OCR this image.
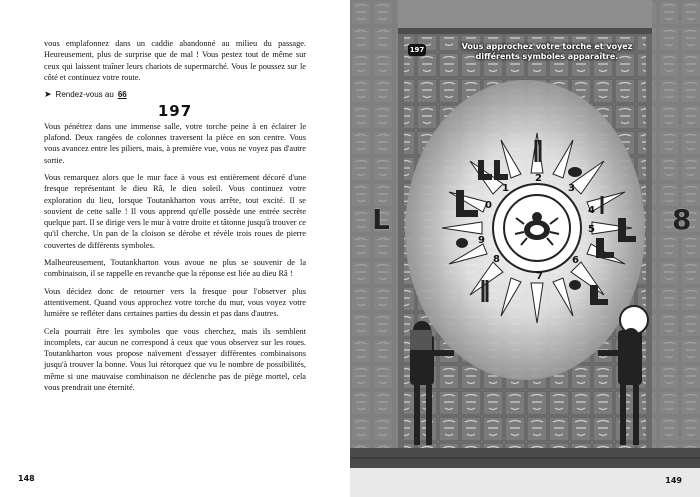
vous emplafonnez dans un caddie abandonné au milieu du passage. Heureusement, plus de surprise que de mal ! Vous pestez tout de même sur ceux qui laissent traîner leurs chariots de supermarché. Vous le poussez sur le côté et continuez votre route.

➤ Rendez-vous au 66
197

Vous pénétrez dans une immense salle, votre torche peine à en éclairer le plafond. Deux rangées de colonnes traversent la pièce en son centre. Vous vous avancez entre les piliers, mais, à première vue, vous ne voyez pas d'autre sortie.

Vous remarquez alors que le mur face à vous est entièrement décoré d'une fresque représentant le dieu Râ, le dieu soleil. Vous continuez votre exploration du lieu, lorsque Toutankharton vous arrête, tout excité. Il se souvient de cette salle ! Il vous apprend qu'elle possède une entrée secrète quelque part. Il se dirige vers le mur à votre droite et tâtonne jusqu'à trouver ce qu'il cherche. Un pan de la cloison se dérobe et révèle trois roues de pierre couvertes de différents symboles.

Malheureusement, Toutankharton vous avoue ne plus se souvenir de la combinaison, il se rappelle en revanche que la réponse est liée au dieu Râ !

Vous décidez donc de retourner vers la fresque pour l'observer plus attentivement. Quand vous approchez votre torche du mur, vous voyez votre lumière se refléter dans certaines parties du dessin et pas dans d'autres.

Cela pourrait être les symboles que vous cherchez, mais ils semblent incomplets, car aucun ne correspond à ceux que vous observez sur les roues. Toutankharton vous propose naïvement d'essayer différentes combinaisons jusqu'à trouver la bonne. Vous lui rétorquez que vu le nombre de possibilités, même si une mauvaise combinaison ne déclenche pas de piège mortel, cela vous prendrait une éternité.

148
2
3
1
0	4
5
9
8	6
7
L	8
197	Vous approchez votre torche et voyez différents symboles apparaître.
149
